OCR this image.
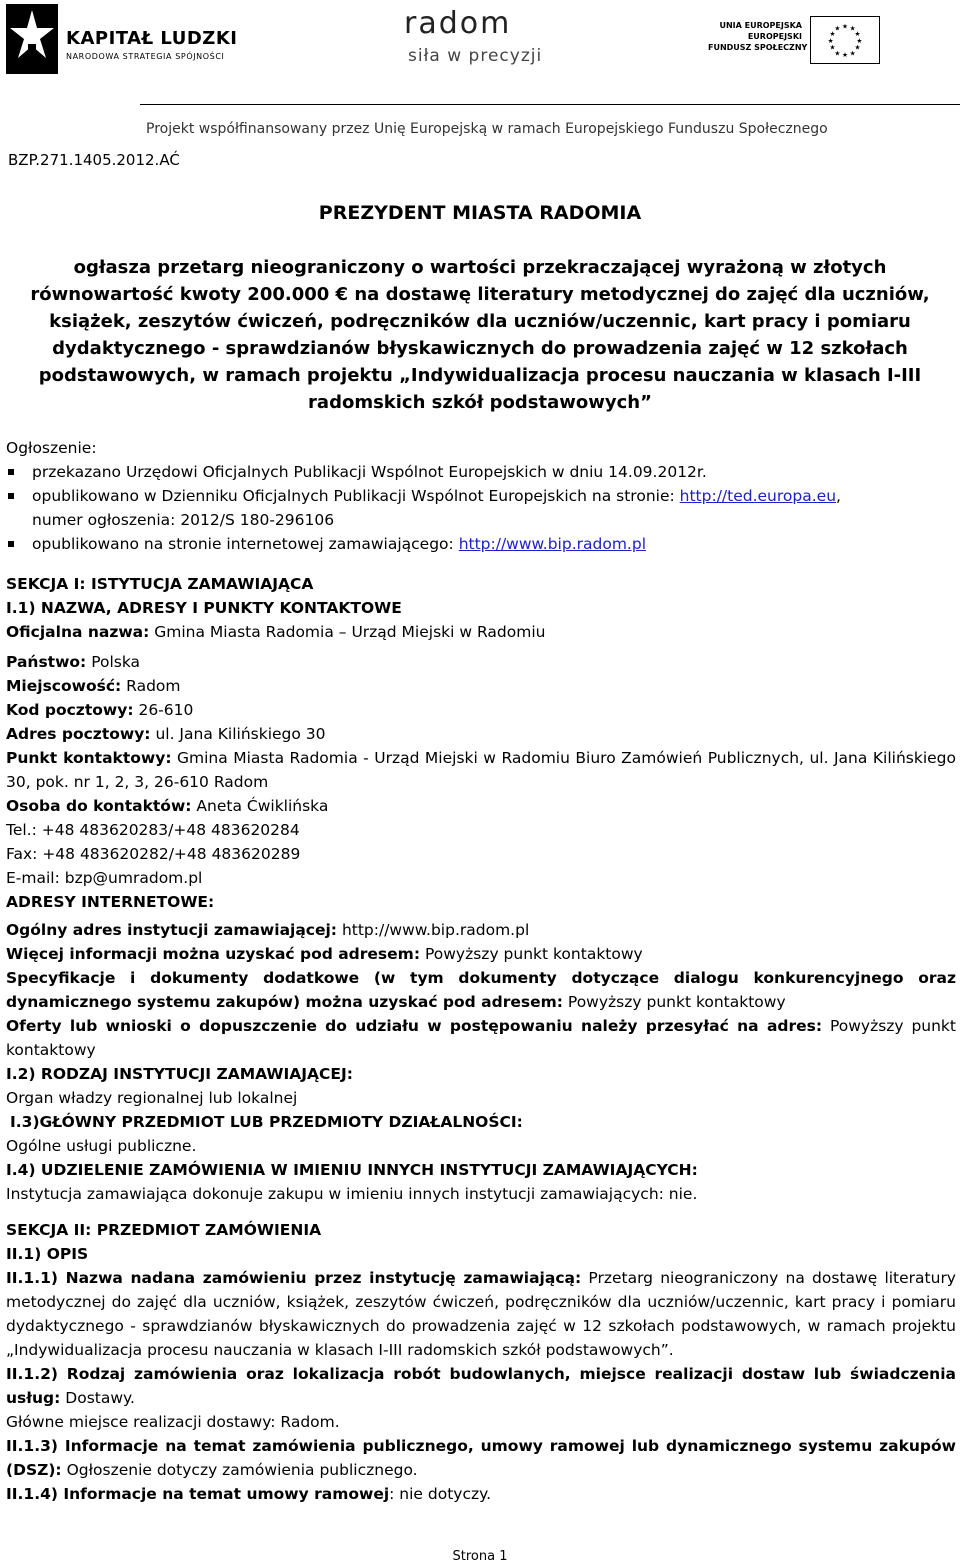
KAPITAŁ LUDZKI
NARODOWA STRATEGIA SPÓJNOŚCI
radom
siła w precyzji
UNIA EUROPEJSKA
EUROPEJSKI
FUNDUSZ SPOŁECZNY
★ ★
★
★
★
★
★
★
★
★
★
★
Projekt współfinansowany przez Unię Europejską w ramach Europejskiego Funduszu Społecznego
BZP.271.1405.2012.AĆ
PREZYDENT MIASTA RADOMIA
ogłasza przetarg nieograniczony o wartości przekraczającej wyrażoną w złotych równowartość kwoty 200.000 € na dostawę literatury metodycznej do zajęć dla uczniów, książek, zeszytów ćwiczeń, podręczników dla uczniów/uczennic, kart pracy i pomiaru dydaktycznego - sprawdzianów błyskawicznych do prowadzenia zajęć w 12 szkołach podstawowych, w ramach projektu „Indywidualizacja procesu nauczania w klasach I-III radomskich szkół podstawowych”

Ogłoszenie:

przekazano Urzędowi Oficjalnych Publikacji Wspólnot Europejskich w dniu 14.09.2012r.
opublikowano w Dzienniku Oficjalnych Publikacji Wspólnot Europejskich na stronie: http://ted.europa.eu,
numer ogłoszenia: 2012/S 180-296106
opublikowano na stronie internetowej zamawiającego: http://www.bip.radom.pl

SEKCJA I: ISTYTUCJA ZAMAWIAJĄCA

I.1) NAZWA, ADRESY I PUNKTY KONTAKTOWE

Oficjalna nazwa: Gmina Miasta Radomia – Urząd Miejski w Radomiu

Państwo: Polska

Miejscowość: Radom

Kod pocztowy: 26-610

Adres pocztowy: ul. Jana Kilińskiego 30

Punkt kontaktowy: Gmina Miasta Radomia - Urząd Miejski w Radomiu Biuro Zamówień Publicznych, ul. Jana Kilińskiego 30, pok. nr 1, 2, 3, 26-610 Radom

Osoba do kontaktów: Aneta Ćwiklińska

Tel.: +48 483620283/+48 483620284

Fax: +48 483620282/+48 483620289

E-mail: bzp@umradom.pl

ADRESY INTERNETOWE:

Ogólny adres instytucji zamawiającej: http://www.bip.radom.pl

Więcej informacji można uzyskać pod adresem: Powyższy punkt kontaktowy

Specyfikacje i dokumenty dodatkowe (w tym dokumenty dotyczące dialogu konkurencyjnego oraz dynamicznego systemu zakupów) można uzyskać pod adresem: Powyższy punkt kontaktowy

Oferty lub wnioski o dopuszczenie do udziału w postępowaniu należy przesyłać na adres: Powyższy punkt kontaktowy

I.2) RODZAJ INSTYTUCJI ZAMAWIAJĄCEJ:

Organ władzy regionalnej lub lokalnej

I.3)GŁÓWNY PRZEDMIOT LUB PRZEDMIOTY DZIAŁALNOŚCI:

Ogólne usługi publiczne.

I.4) UDZIELENIE ZAMÓWIENIA W IMIENIU INNYCH INSTYTUCJI ZAMAWIAJĄCYCH:

Instytucja zamawiająca dokonuje zakupu w imieniu innych instytucji zamawiających: nie.

SEKCJA II: PRZEDMIOT ZAMÓWIENIA

II.1) OPIS

II.1.1) Nazwa nadana zamówieniu przez instytucję zamawiającą: Przetarg nieograniczony na dostawę literatury metodycznej do zajęć dla uczniów, książek, zeszytów ćwiczeń, podręczników dla uczniów/uczennic, kart pracy i pomiaru dydaktycznego - sprawdzianów błyskawicznych do prowadzenia zajęć w 12 szkołach podstawowych, w ramach projektu „Indywidualizacja procesu nauczania w klasach I-III radomskich szkół podstawowych”.

II.1.2) Rodzaj zamówienia oraz lokalizacja robót budowlanych, miejsce realizacji dostaw lub świadczenia usług: Dostawy.

Główne miejsce realizacji dostawy: Radom.

II.1.3) Informacje na temat zamówienia publicznego, umowy ramowej lub dynamicznego systemu zakupów (DSZ): Ogłoszenie dotyczy zamówienia publicznego.

II.1.4) Informacje na temat umowy ramowej: nie dotyczy.

Strona 1
